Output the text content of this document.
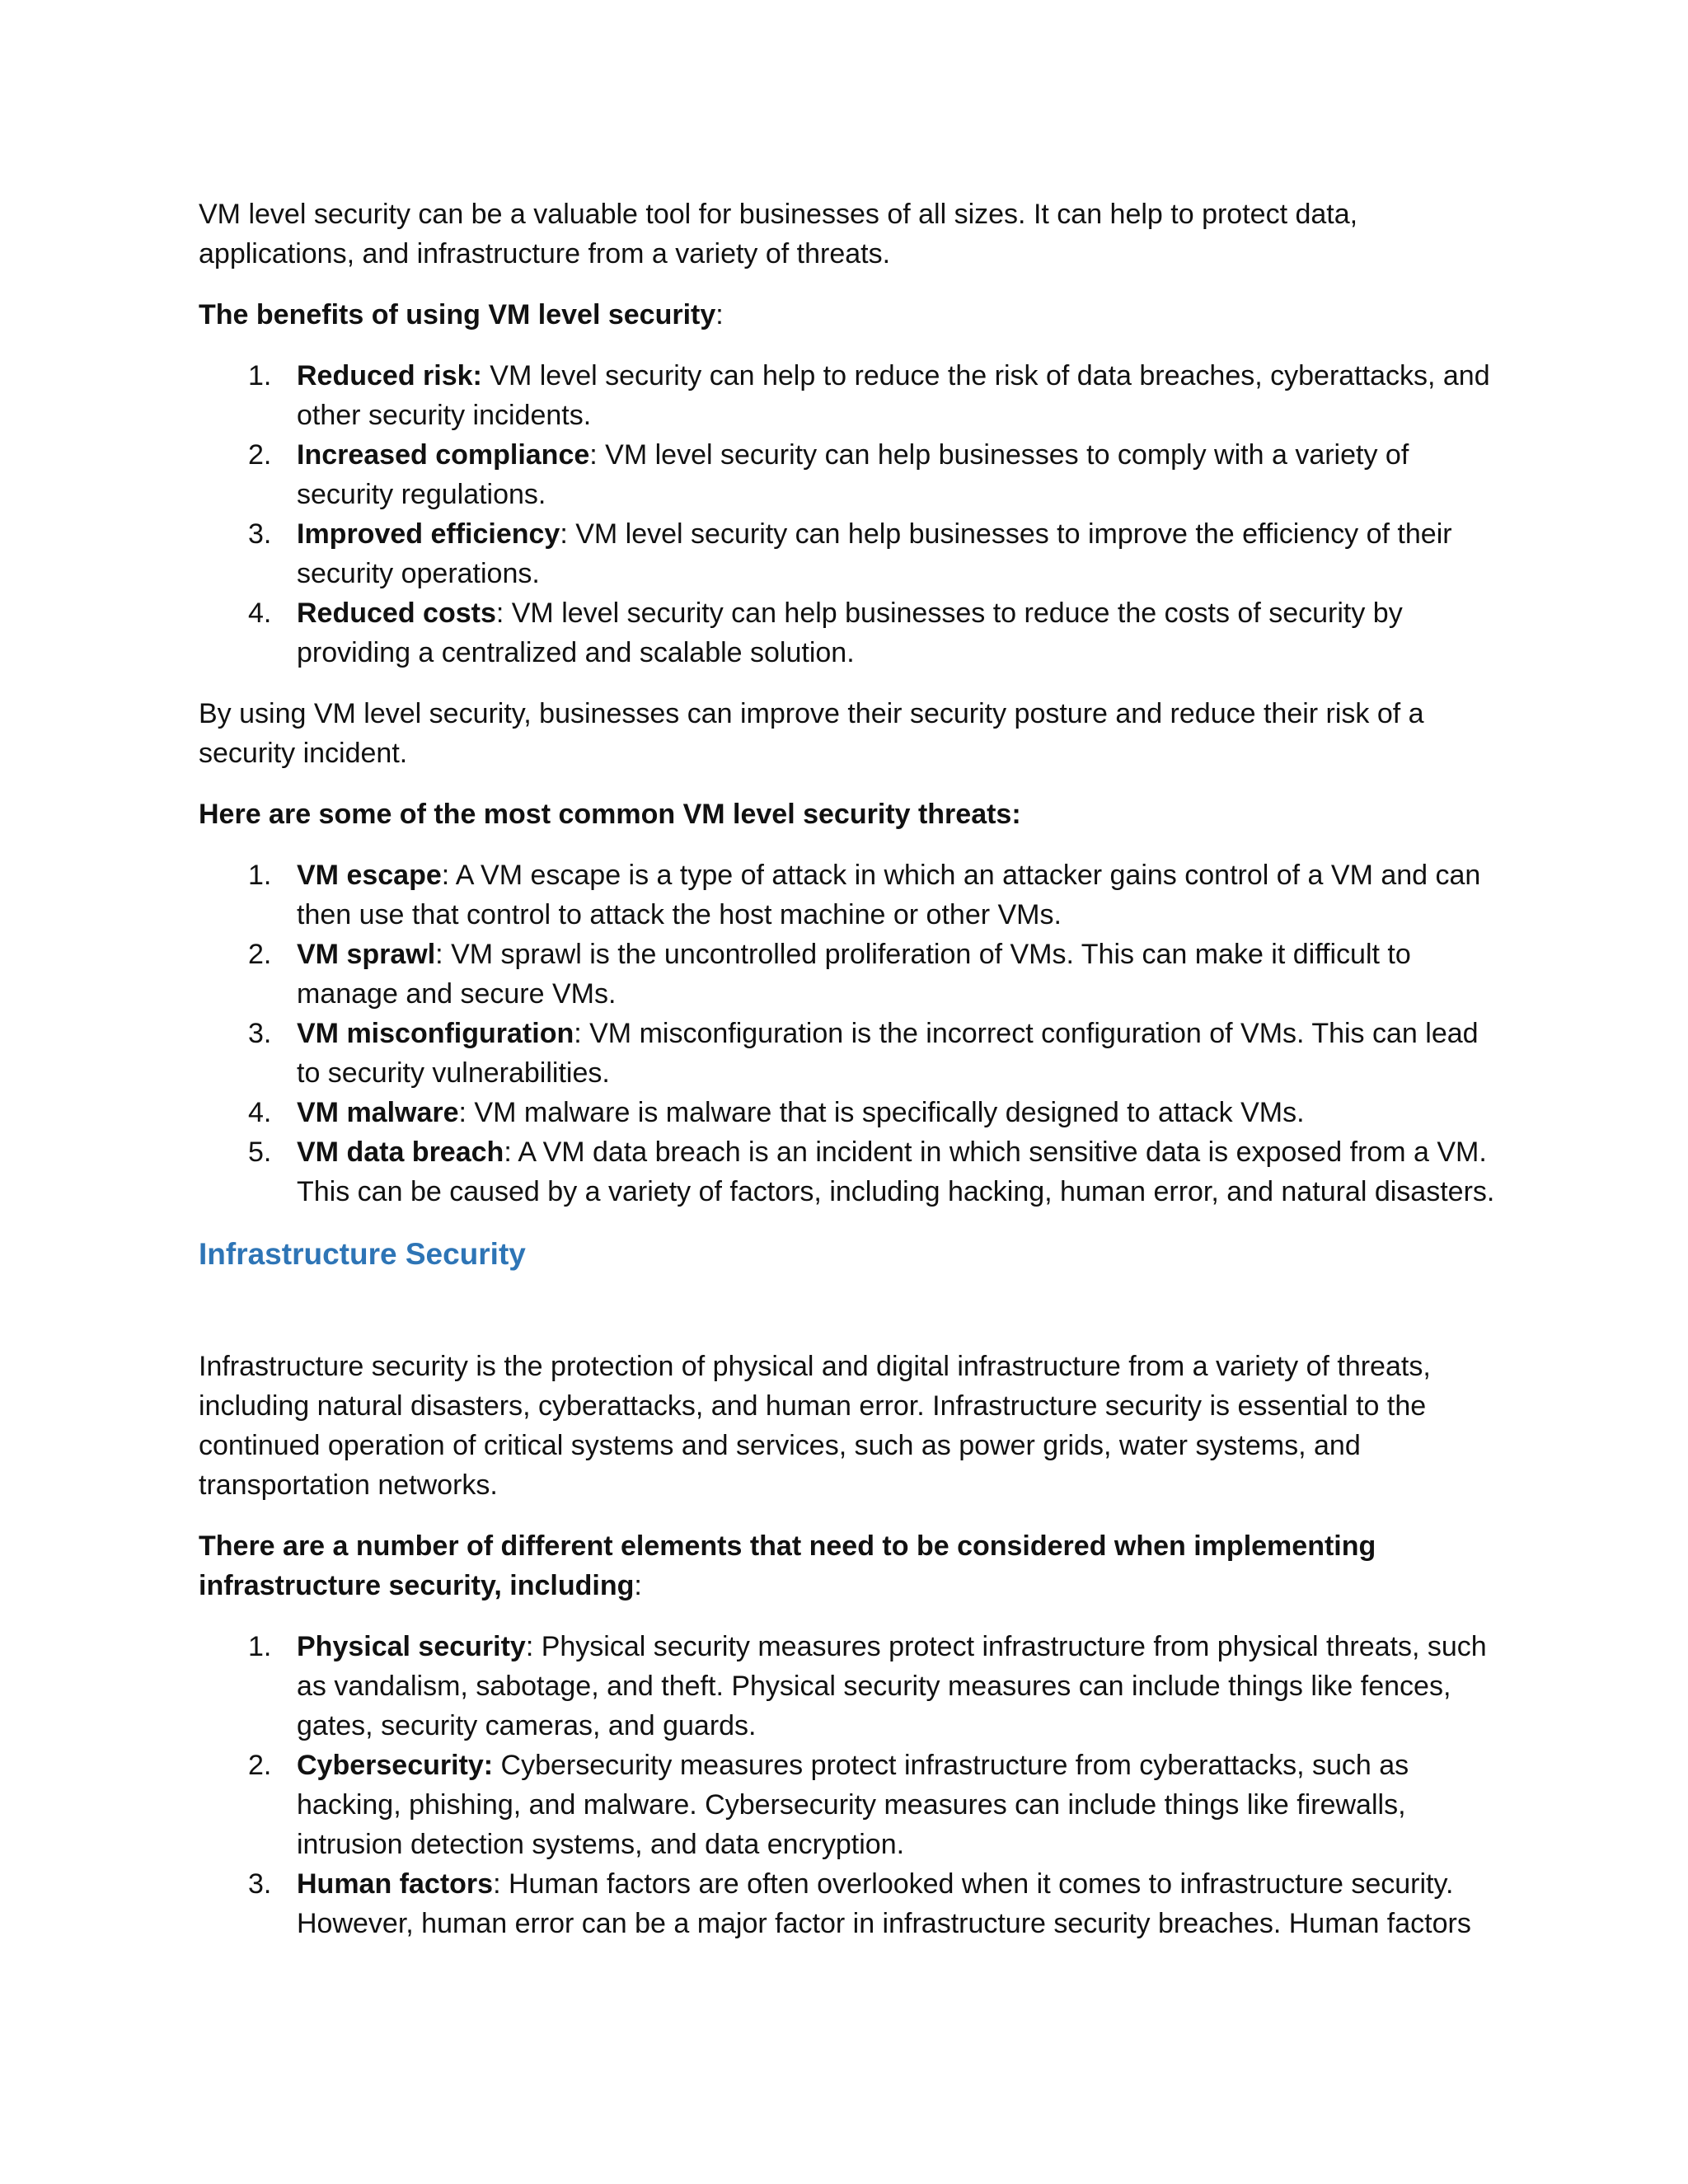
VM level security can be a valuable tool for businesses of all sizes. It can help to protect data, applications, and infrastructure from a variety of threats.

The benefits of using VM level security:

1. Reduced risk: VM level security can help to reduce the risk of data breaches, cyberattacks, and other security incidents.
2. Increased compliance: VM level security can help businesses to comply with a variety of security regulations.
3. Improved efficiency: VM level security can help businesses to improve the efficiency of their security operations.
4. Reduced costs: VM level security can help businesses to reduce the costs of security by providing a centralized and scalable solution.

By using VM level security, businesses can improve their security posture and reduce their risk of a security incident.

Here are some of the most common VM level security threats:

1. VM escape: A VM escape is a type of attack in which an attacker gains control of a VM and can then use that control to attack the host machine or other VMs.
2. VM sprawl: VM sprawl is the uncontrolled proliferation of VMs. This can make it difficult to manage and secure VMs.
3. VM misconfiguration: VM misconfiguration is the incorrect configuration of VMs. This can lead to security vulnerabilities.
4. VM malware: VM malware is malware that is specifically designed to attack VMs.
5. VM data breach: A VM data breach is an incident in which sensitive data is exposed from a VM. This can be caused by a variety of factors, including hacking, human error, and natural disasters.
Infrastructure Security

Infrastructure security is the protection of physical and digital infrastructure from a variety of threats, including natural disasters, cyberattacks, and human error. Infrastructure security is essential to the continued operation of critical systems and services, such as power grids, water systems, and transportation networks.

There are a number of different elements that need to be considered when implementing infrastructure security, including:

1. Physical security: Physical security measures protect infrastructure from physical threats, such as vandalism, sabotage, and theft. Physical security measures can include things like fences, gates, security cameras, and guards.
2. Cybersecurity: Cybersecurity measures protect infrastructure from cyberattacks, such as hacking, phishing, and malware. Cybersecurity measures can include things like firewalls, intrusion detection systems, and data encryption.
3. Human factors: Human factors are often overlooked when it comes to infrastructure security. However, human error can be a major factor in infrastructure security breaches. Human factors
